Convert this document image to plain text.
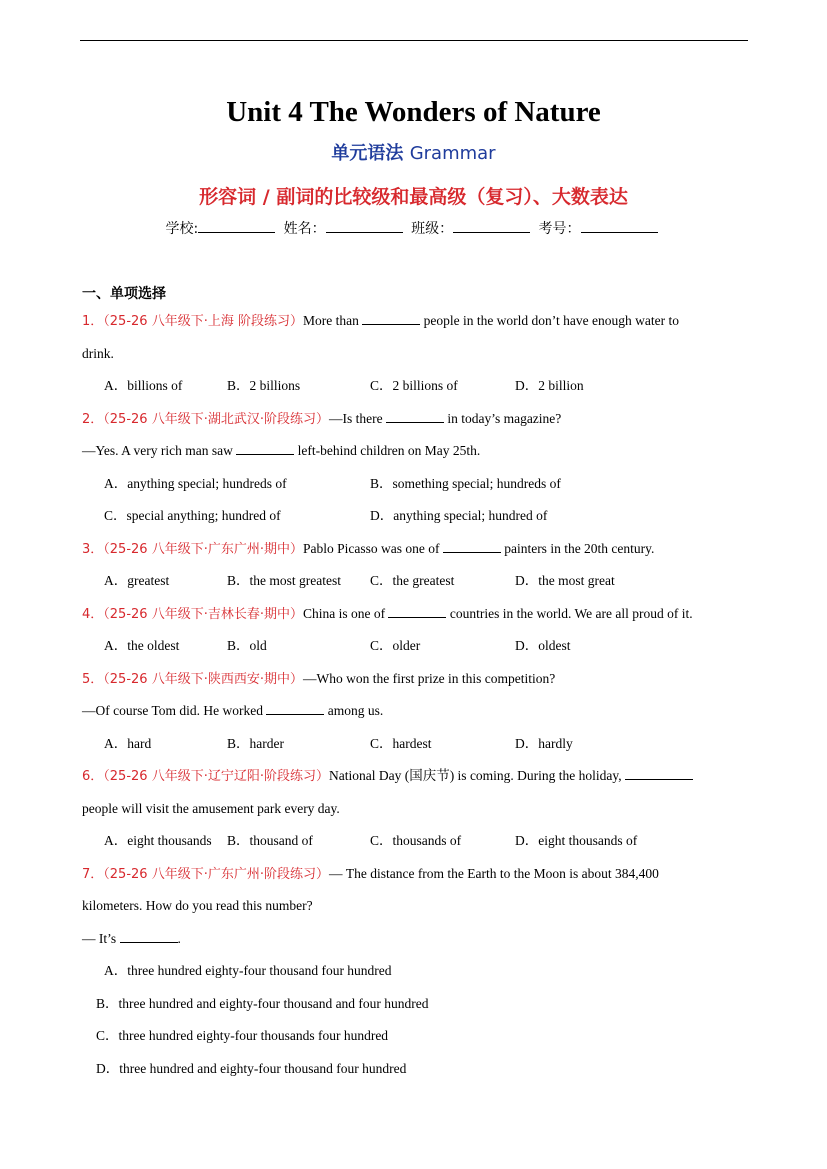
Unit 4 The Wonders of Nature
单元语法 Grammar
形容词 / 副词的比较级和最高级（复习）、大数表达
学校:	姓名：	班级：	考号：
一、单项选择
1．（25-26 八年级下·上海 阶段练习）More than	people in the world don’t have enough water to
drink.
A．billions of	B．2 billions	C．2 billions of	D．2 billion
2．（25-26 八年级下·湖北武汉·阶段练习）—Is there	in today’s magazine?
—Yes. A very rich man saw	left-behind children on May 25th.
A．anything special; hundreds of	B．something special; hundreds of
C．special anything; hundred of	D．anything special; hundred of
3．（25-26 八年级下·广东广州·期中）Pablo Picasso was one of	painters in the 20th century.
A．greatest	B．the most greatest C．the greatest	D．the most great
4．（25-26 八年级下·吉林长春·期中）China is one of	countries in the world. We are all proud of it.
A．the oldest	B．old	C．older	D．oldest
5．（25-26 八年级下·陕西西安·期中）—Who won the first prize in this competition?
—Of course Tom did. He worked	among us.
A．hard	B．harder	C．hardest	D．hardly
6．（25-26 八年级下·辽宁辽阳·阶段练习）National Day (国庆节) is coming. During the holiday,
people will visit the amusement park every day.
A．eight thousands B．thousand of	C．thousands of	D．eight thousands of
7．（25-26 八年级下·广东广州·阶段练习）— The distance from the Earth to the Moon is about 384,400
kilometers. How do you read this number?
— It’s	.
A．three hundred eighty-four thousand four hundred
B．three hundred and eighty-four thousand and four hundred
C．three hundred eighty-four thousands four hundred
D．three hundred and eighty-four thousand four hundred
